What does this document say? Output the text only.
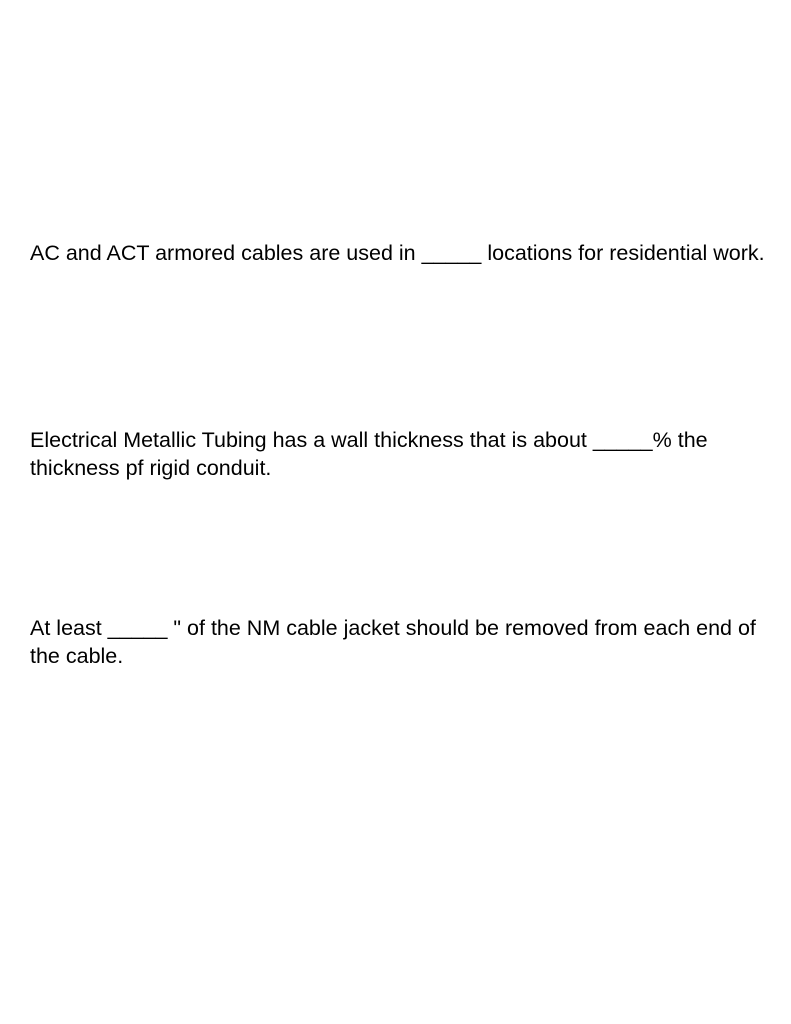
AC and ACT armored cables are used in _____ locations for residential work.

Electrical Metallic Tubing has a wall thickness that is about _____% the thickness pf rigid conduit.

At least _____ " of the NM cable jacket should be removed from each end of the cable.
